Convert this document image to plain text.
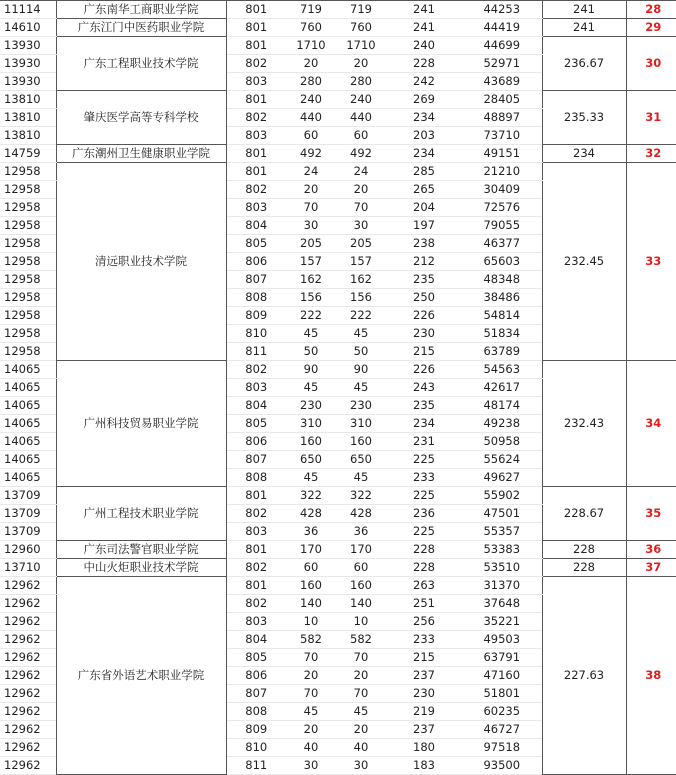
11114	广东南华工商职业学院	801	719	719	241	44253	241	28
14610	广东江门中医药职业学院	801	760	760	241	44419	241	29
13930	广东工程职业技术学院	801	1710	1710	240	44699	236.67	30
13930		802	20	20	228	52971		
13930		803	280	280	242	43689		
13810	肇庆医学高等专科学校	801	240	240	269	28405	235.33	31
13810		802	440	440	234	48897		
13810		803	60	60	203	73710		
14759	广东潮州卫生健康职业学院	801	492	492	234	49151	234	32
12958	清远职业技术学院	801	24	24	285	21210	232.45	33
12958		802	20	20	265	30409		
12958		803	70	70	204	72576		
12958		804	30	30	197	79055		
12958		805	205	205	238	46377		
12958		806	157	157	212	65603		
12958		807	162	162	235	48348		
12958		808	156	156	250	38486		
12958		809	222	222	226	54814		
12958		810	45	45	230	51834		
12958		811	50	50	215	63789		
14065	广州科技贸易职业学院	802	90	90	226	54563	232.43	34
14065		803	45	45	243	42617		
14065		804	230	230	235	48174		
14065		805	310	310	234	49238		
14065		806	160	160	231	50958		
14065		807	650	650	225	55624		
14065		808	45	45	233	49627		
13709	广州工程技术职业学院	801	322	322	225	55902	228.67	35
13709		802	428	428	236	47501		
13709		803	36	36	225	55357		
12960	广东司法警官职业学院	801	170	170	228	53383	228	36
13710	中山火炬职业技术学院	802	60	60	228	53510	228	37
12962	广东省外语艺术职业学院	801	160	160	263	31370	227.63	38
12962		802	140	140	251	37648		
12962		803	10	10	256	35221		
12962		804	582	582	233	49503		
12962		805	70	70	215	63791		
12962		806	20	20	237	47160		
12962		807	70	70	230	51801		
12962		808	45	45	219	60235		
12962		809	20	20	237	46727		
12962		810	40	40	180	97518		
12962		811	30	30	183	93500		
